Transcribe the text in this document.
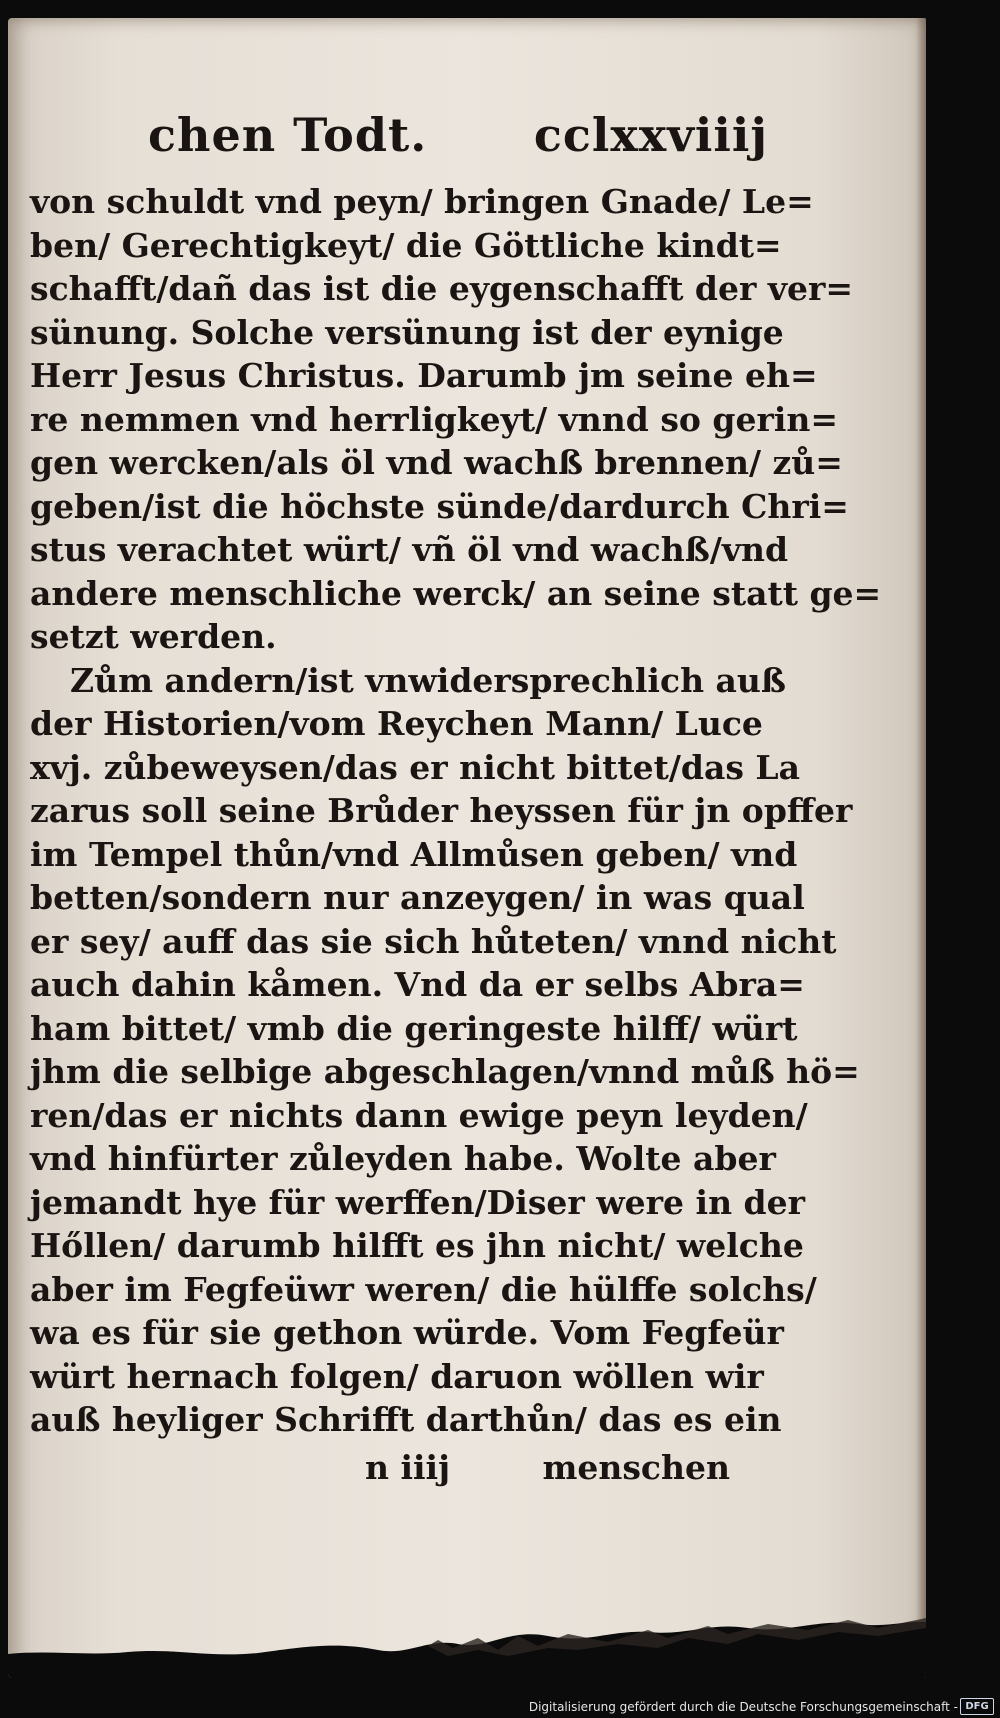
chen Todt. cclxxviiij
von schuldt vnd peyn/ bringen Gnade/ Le=
ben/ Gerechtigkeyt/ die Göttliche kindt=
schafft/dañ das ist die eygenschafft der ver=
sünung. Solche versünung ist der eynige
Herr Jesus Christus. Darumb jm seine eh=
re nemmen vnd herrligkeyt/ vnnd so gerin=
gen wercken/als öl vnd wachß brennen/ zů=
geben/ist die höchste sünde/dardurch Chri=
stus verachtet würt/ vñ öl vnd wachß/vnd
andere menschliche werck/ an seine statt ge=
setzt werden.
Zům andern/ist vnwidersprechlich auß
der Historien/vom Reychen Mann/ Luce
xvj. zůbeweysen/das er nicht bittet/das La
zarus soll seine Brůder heyssen für jn opffer
im Tempel thůn/vnd Allmůsen geben/ vnd
betten/sondern nur anzeygen/ in was qual
er sey/ auff das sie sich hůteten/ vnnd nicht
auch dahin kåmen. Vnd da er selbs Abra=
ham bittet/ vmb die geringeste hilff/ würt
jhm die selbige abgeschlagen/vnnd můß hö=
ren/das er nichts dann ewige peyn leyden/
vnd hinfürter zůleyden habe. Wolte aber
jemandt hye für werffen/Diser were in der
Hőllen/ darumb hilfft es jhn nicht/ welche
aber im Fegfeüwr weren/ die hülffe solchs/
wa es für sie gethon würde. Vom Fegfeür
würt hernach folgen/ daruon wöllen wir
auß heyliger Schrifft darthůn/ das es ein
n iiij	menschen
Digitalisierung gefördert durch die Deutsche Forschungsgemeinschaft - DFG
